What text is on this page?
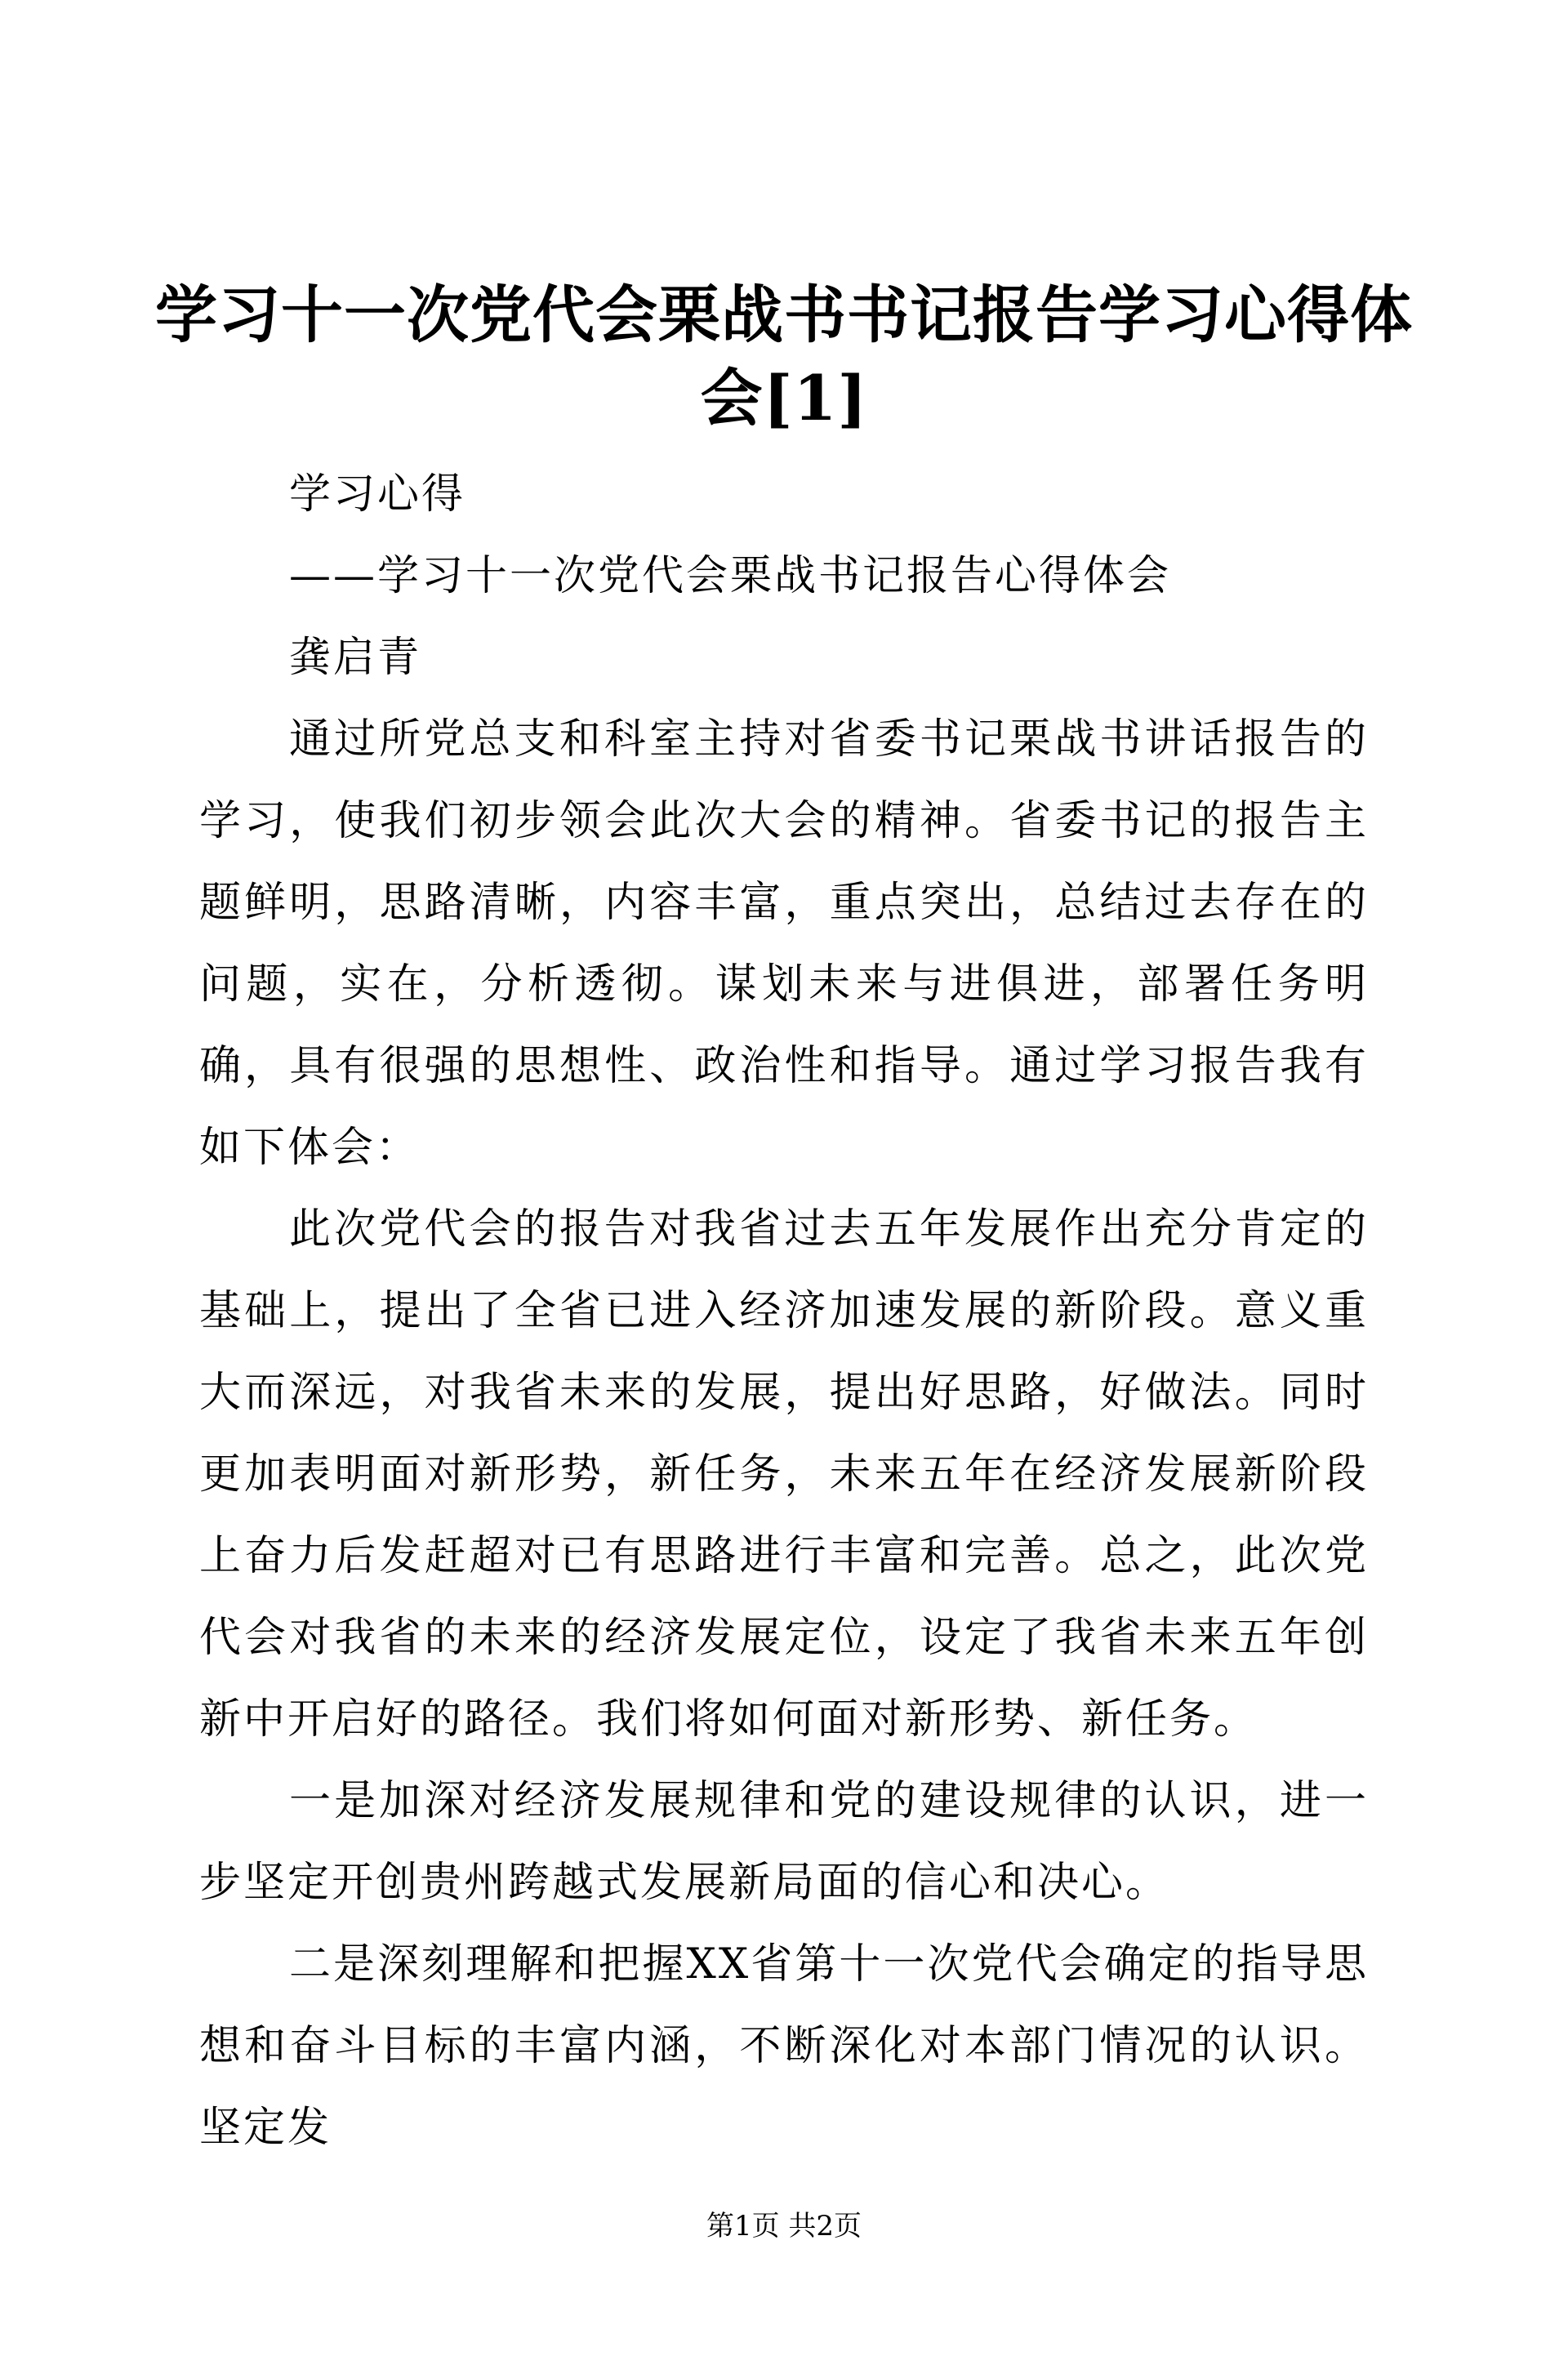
学习十一次党代会栗战书书记报告学习心得体会[1]

学习心得

——学习十一次党代会栗战书记报告心得体会

龚启青

通过所党总支和科室主持对省委书记栗战书讲话报告的学习，使我们初步领会此次大会的精神。省委书记的报告主题鲜明，思路清晰，内容丰富，重点突出，总结过去存在的问题，实在，分析透彻。谋划未来与进俱进，部署任务明确，具有很强的思想性、政治性和指导。通过学习报告我有如下体会：

此次党代会的报告对我省过去五年发展作出充分肯定的基础上，提出了全省已进入经济加速发展的新阶段。意义重大而深远，对我省未来的发展，提出好思路，好做法。同时更加表明面对新形势，新任务，未来五年在经济发展新阶段上奋力后发赶超对已有思路进行丰富和完善。总之，此次党代会对我省的未来的经济发展定位，设定了我省未来五年创新中开启好的路径。我们将如何面对新形势、新任务。

一是加深对经济发展规律和党的建设规律的认识，进一步坚定开创贵州跨越式发展新局面的信心和决心。

二是深刻理解和把握XX省第十一次党代会确定的指导思想和奋斗目标的丰富内涵，不断深化对本部门情况的认识。坚定发

第1页 共2页
